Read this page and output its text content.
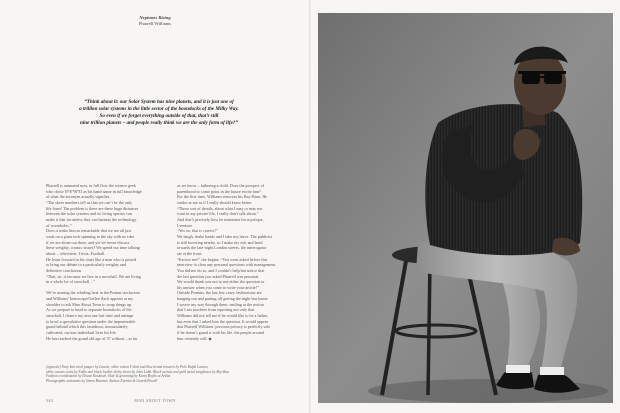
Neptunes Rising
Pharrell Williams
“Think about it: our Solar System has nine planets, and it is just one of
a trillion solar systems in the little sector of the boondocks of the Milky Way.
So even if we forget everything outside of that, that’s still
nine trillion planets – and people really think we are the only form of life?”
Pharrell is animated now, in full flow the science geek
who chose N*E*R*D as his band name in full knowledge
of what the acronym actually signifies.
“The sheer numbers tell us that we can’t be the only
life form! The problem is there are these huge distances
between the solar systems and no living species can
make it that far unless they can harness the technology
of wormholes.”
Does it strike him as remarkable that we are all just
souls on a giant rock spinning in the sky with no idea
if we are alone out there, and yet we never discuss
these weighty, cosmic issues? We spend our time talking
about… television. Trivia. Football.
He leans forward in his chair like a man who is poised
to bring our debate to a particularly weighty and
definitive conclusion.
“That, sir, is because we live in a snowball. We are living
in a whole lot of snowball…”

We’re nearing the whirling heat in the Peanut stockroom
and Williams’ Interscope/Geffen flack appears at my
shoulder to ask Man About Town to wrap things up.
As we prepare to head to separate boondocks of the
snowball, I chance my arm one last time and attempt
to bowl a speculative question under the impenetrable
guard behind which this fastidious, immaculately
cultivated, curious individual lives his life.
He has reached the grand old age of 37 without – as far
as we know – fathering a child. Does the prospect of
parenthood to come point in the future excite him?
For the first time, Williams removes his Ray-Bans. He
smiles at me as if I really should know better.
“Those sort of details, about what I may or may not
want in my private life, I really don’t talk about.”
And that’s precisely how he maintains his mystique,
I venture.
“Yes sir, that is correct!”
We laugh, shake hands and I take my leave. The publicist
is still hovering nearby, so I make my exit and head
towards the late-night London streets, the interrogator
ate at the front.
“Excuse me!” she begins. “You went asked before this
interview to clear any personal questions with management.
You did not do so, and I couldn’t help but notice that
the last question you asked Pharrell was personal.
We would thank you not to use either the question or
his answer when you come to write your article!”
Outside Peanuts, the last few crazy fashionistas are
hanging out and putting off getting the night bus home.
I weave my way through them, smiling at the notion
that I am nowhere from reporting not only that
Williams did not tell me if he would like to be a father,
but even that I asked him the question. It would appear
that Pharrell Williams’ precious privacy is perfectly safe
if he doesn’t guard it with his life, the people around
him certainly will. ◆
(opposite) Navy knit wool jumper by Lanvin, white cotton T-shirt and blue denim trousers by Polo Ralph Lauren,
white canvas socks by Falke and black leather derby shoes by John Lobb. Black acetate and gold metal sunglasses by Ray-Ban
Fashion coordination by Ilisane Koskinen. Hair & grooming by Karin Boyko at Artlist
Photographic assistants by Simon Brunner, Andrea Fuentes & Gareth Powell
340	MAN ABOUT TOWN
